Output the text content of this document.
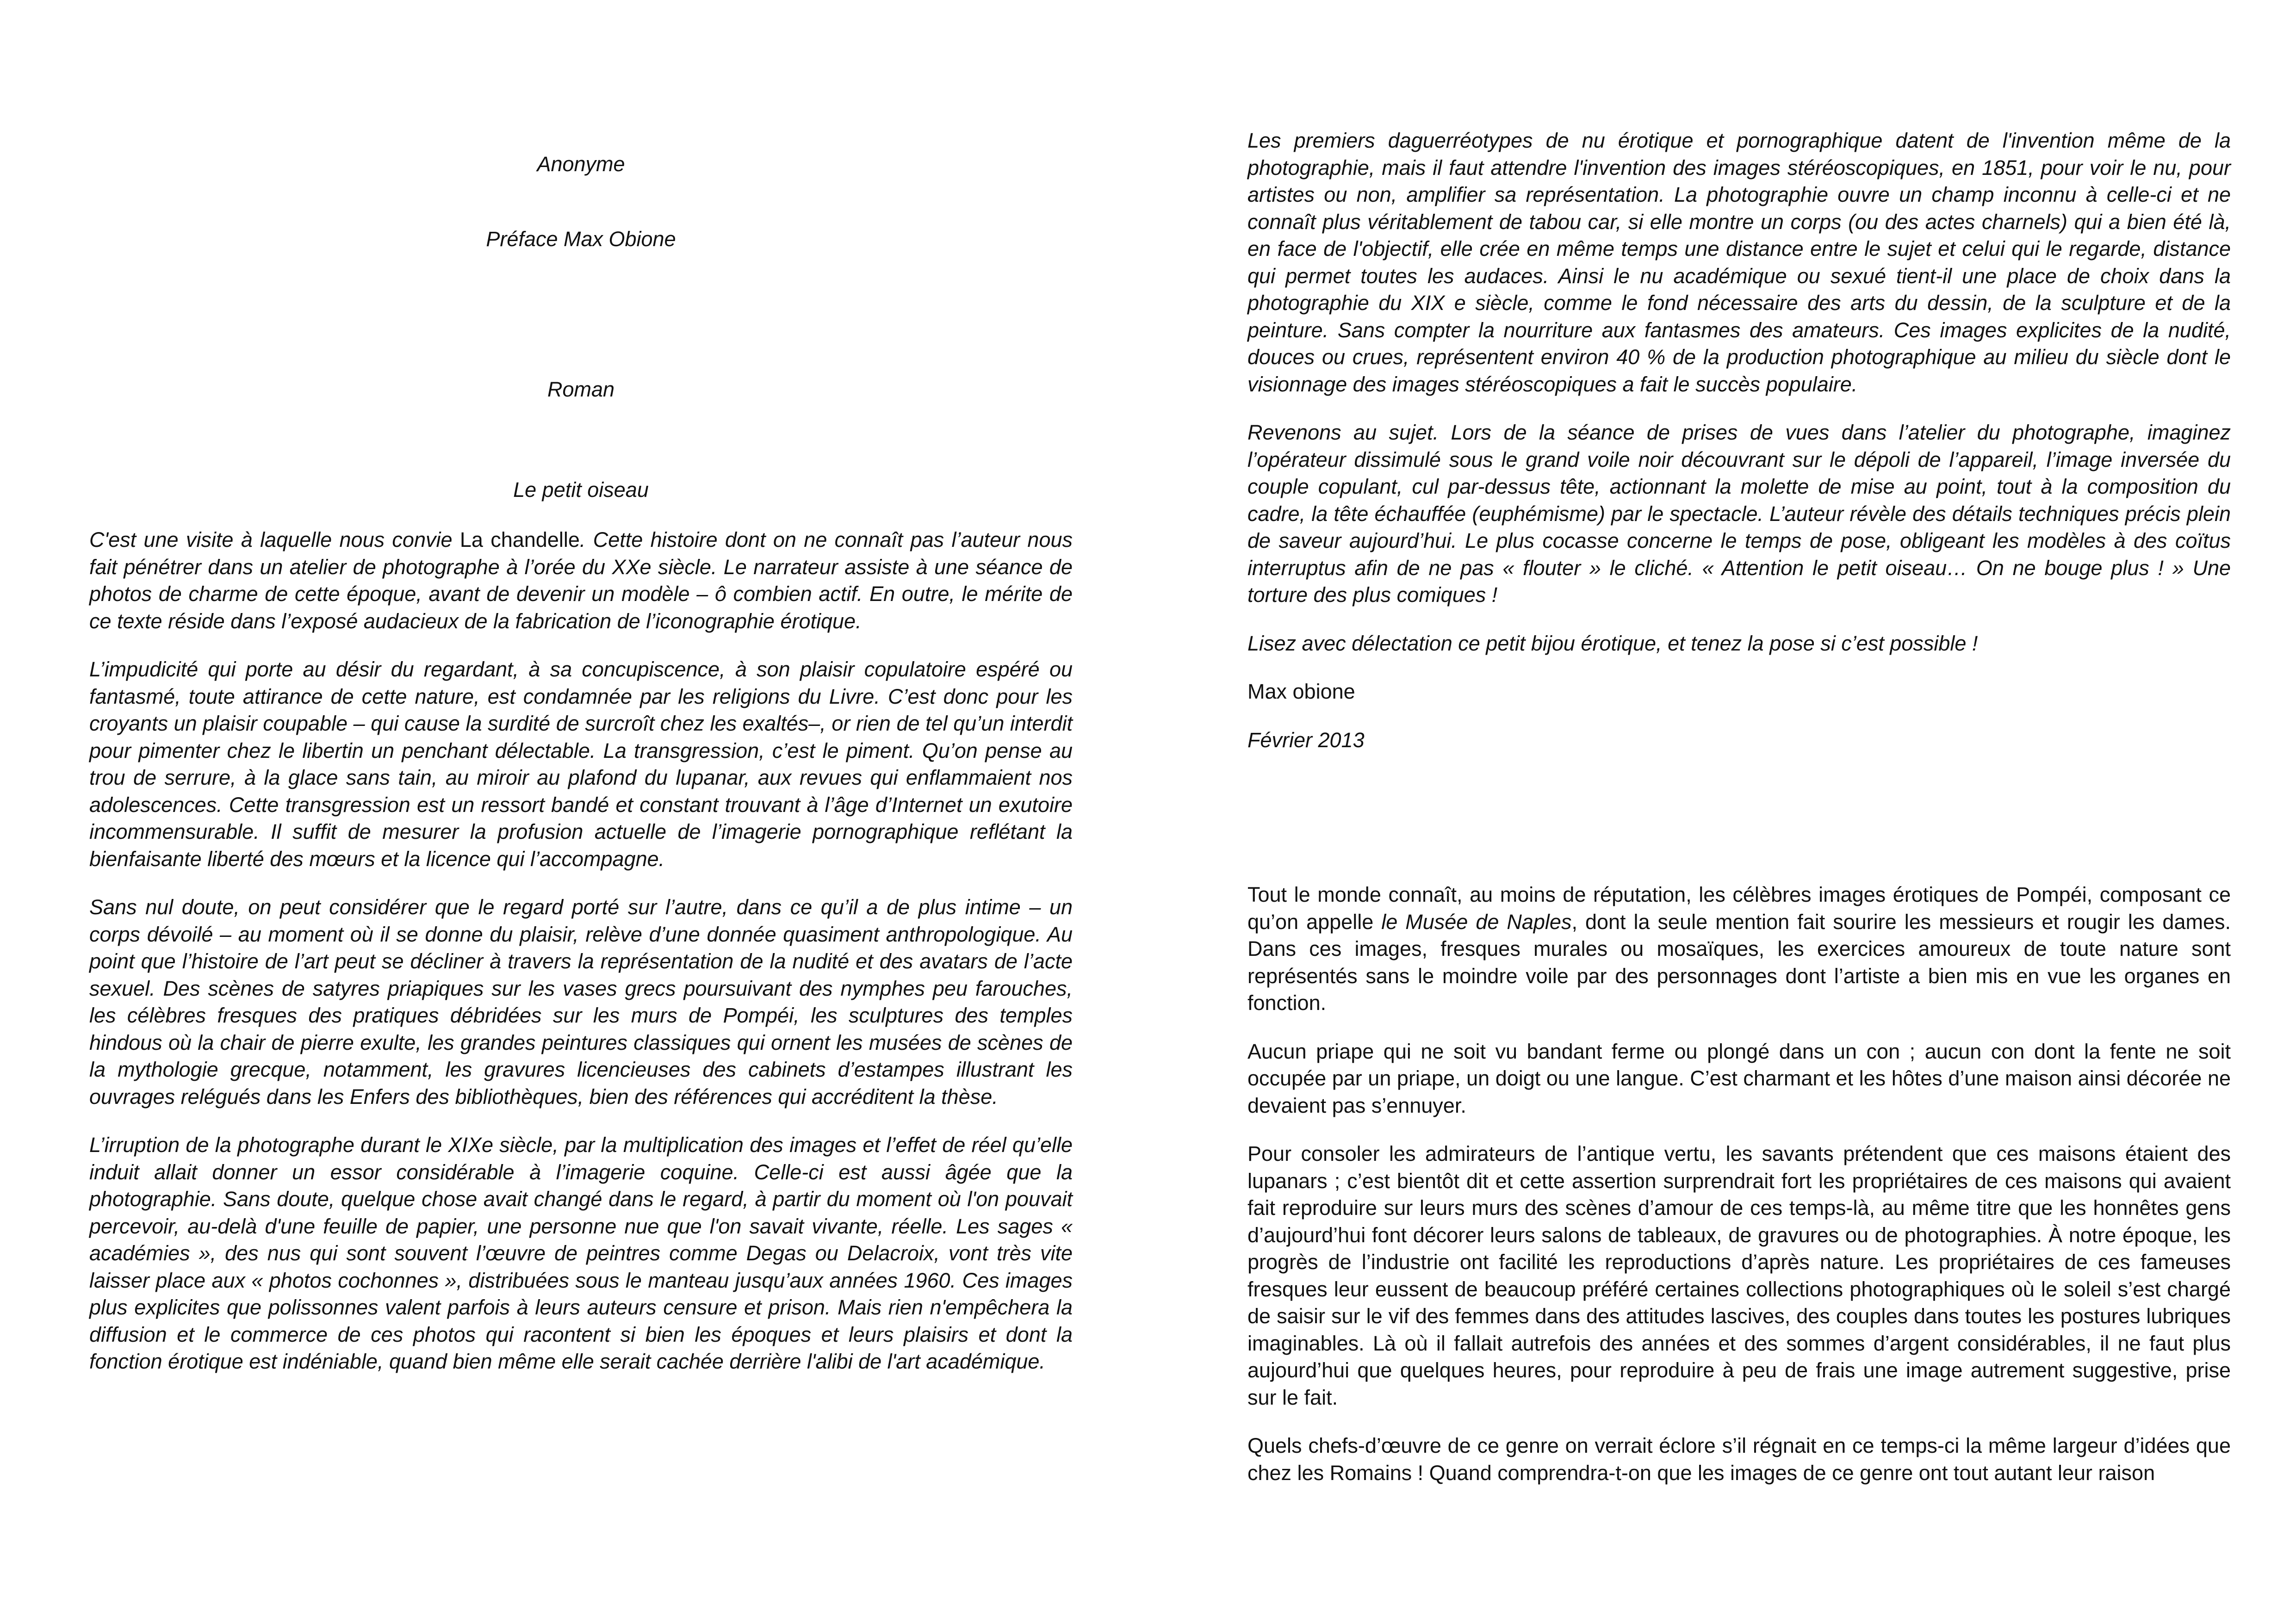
Anonyme

Préface Max Obione

Roman

Le petit oiseau

C'est une visite à laquelle nous convie La chandelle. Cette histoire dont on ne connaît pas l’auteur nous fait pénétrer dans un atelier de photographe à l’orée du XXe siècle. Le narrateur assiste à une séance de photos de charme de cette époque, avant de devenir un modèle – ô combien actif. En outre, le mérite de ce texte réside dans l’exposé audacieux de la fabrication de l’iconographie érotique.

L’impudicité qui porte au désir du regardant, à sa concupiscence, à son plaisir copulatoire espéré ou fantasmé, toute attirance de cette nature, est condamnée par les religions du Livre. C’est donc pour les croyants un plaisir coupable – qui cause la surdité de surcroît chez les exaltés–, or rien de tel qu’un interdit pour pimenter chez le libertin un penchant délectable. La transgression, c’est le piment. Qu’on pense au trou de serrure, à la glace sans tain, au miroir au plafond du lupanar, aux revues qui enflammaient nos adolescences. Cette transgression est un ressort bandé et constant trouvant à l’âge d’Internet un exutoire incommensurable. Il suffit de mesurer la profusion actuelle de l’imagerie pornographique reflétant la bienfaisante liberté des mœurs et la licence qui l’accompagne.

Sans nul doute, on peut considérer que le regard porté sur l’autre, dans ce qu’il a de plus intime – un corps dévoilé – au moment où il se donne du plaisir, relève d’une donnée quasiment anthropologique. Au point que l’histoire de l’art peut se décliner à travers la représentation de la nudité et des avatars de l’acte sexuel. Des scènes de satyres priapiques sur les vases grecs poursuivant des nymphes peu farouches, les célèbres fresques des pratiques débridées sur les murs de Pompéi, les sculptures des temples hindous où la chair de pierre exulte, les grandes peintures classiques qui ornent les musées de scènes de la mythologie grecque, notamment, les gravures licencieuses des cabinets d’estampes illustrant les ouvrages relégués dans les Enfers des bibliothèques, bien des références qui accréditent la thèse.

L’irruption de la photographe durant le XIXe siècle, par la multiplication des images et l’effet de réel qu’elle induit allait donner un essor considérable à l’imagerie coquine. Celle-ci est aussi âgée que la photographie. Sans doute, quelque chose avait changé dans le regard, à partir du moment où l'on pouvait percevoir, au-delà d'une feuille de papier, une personne nue que l'on savait vivante, réelle. Les sages « académies », des nus qui sont souvent l’œuvre de peintres comme Degas ou Delacroix, vont très vite laisser place aux « photos cochonnes », distribuées sous le manteau jusqu’aux années 1960. Ces images plus explicites que polissonnes valent parfois à leurs auteurs censure et prison. Mais rien n'empêchera la diffusion et le commerce de ces photos qui racontent si bien les époques et leurs plaisirs et dont la fonction érotique est indéniable, quand bien même elle serait cachée derrière l'alibi de l'art académique.

Les premiers daguerréotypes de nu érotique et pornographique datent de l'invention même de la photographie, mais il faut attendre l'invention des images stéréoscopiques, en 1851, pour voir le nu, pour artistes ou non, amplifier sa représentation. La photographie ouvre un champ inconnu à celle-ci et ne connaît plus véritablement de tabou car, si elle montre un corps (ou des actes charnels) qui a bien été là, en face de l'objectif, elle crée en même temps une distance entre le sujet et celui qui le regarde, distance qui permet toutes les audaces. Ainsi le nu académique ou sexué tient-il une place de choix dans la photographie du XIX e siècle, comme le fond nécessaire des arts du dessin, de la sculpture et de la peinture. Sans compter la nourriture aux fantasmes des amateurs. Ces images explicites de la nudité, douces ou crues, représentent environ 40 % de la production photographique au milieu du siècle dont le visionnage des images stéréoscopiques a fait le succès populaire.

Revenons au sujet. Lors de la séance de prises de vues dans l’atelier du photographe, imaginez l’opérateur dissimulé sous le grand voile noir découvrant sur le dépoli de l’appareil, l’image inversée du couple copulant, cul par-dessus tête, actionnant la molette de mise au point, tout à la composition du cadre, la tête échauffée (euphémisme) par le spectacle. L’auteur révèle des détails techniques précis plein de saveur aujourd’hui. Le plus cocasse concerne le temps de pose, obligeant les modèles à des coïtus interruptus afin de ne pas « flouter » le cliché. « Attention le petit oiseau… On ne bouge plus ! » Une torture des plus comiques !

Lisez avec délectation ce petit bijou érotique, et tenez la pose si c’est possible !

Max obione

Février 2013

Tout le monde connaît, au moins de réputation, les célèbres images érotiques de Pompéi, composant ce qu’on appelle le Musée de Naples, dont la seule mention fait sourire les messieurs et rougir les dames. Dans ces images, fresques murales ou mosaïques, les exercices amoureux de toute nature sont représentés sans le moindre voile par des personnages dont l’artiste a bien mis en vue les organes en fonction.

Aucun priape qui ne soit vu bandant ferme ou plongé dans un con ; aucun con dont la fente ne soit occupée par un priape, un doigt ou une langue. C’est charmant et les hôtes d’une maison ainsi décorée ne devaient pas s’ennuyer.

Pour consoler les admirateurs de l’antique vertu, les savants prétendent que ces maisons étaient des lupanars ; c’est bientôt dit et cette assertion surprendrait fort les propriétaires de ces maisons qui avaient fait reproduire sur leurs murs des scènes d’amour de ces temps-là, au même titre que les honnêtes gens d’aujourd’hui font décorer leurs salons de tableaux, de gravures ou de photographies. À notre époque, les progrès de l’industrie ont facilité les reproductions d’après nature. Les propriétaires de ces fameuses fresques leur eussent de beaucoup préféré certaines collections photographiques où le soleil s’est chargé de saisir sur le vif des femmes dans des attitudes lascives, des couples dans toutes les postures lubriques imaginables. Là où il fallait autrefois des années et des sommes d’argent considérables, il ne faut plus aujourd’hui que quelques heures, pour reproduire à peu de frais une image autrement suggestive, prise sur le fait.

Quels chefs-d’œuvre de ce genre on verrait éclore s’il régnait en ce temps-ci la même largeur d’idées que chez les Romains ! Quand comprendra-t-on que les images de ce genre ont tout autant leur raison
